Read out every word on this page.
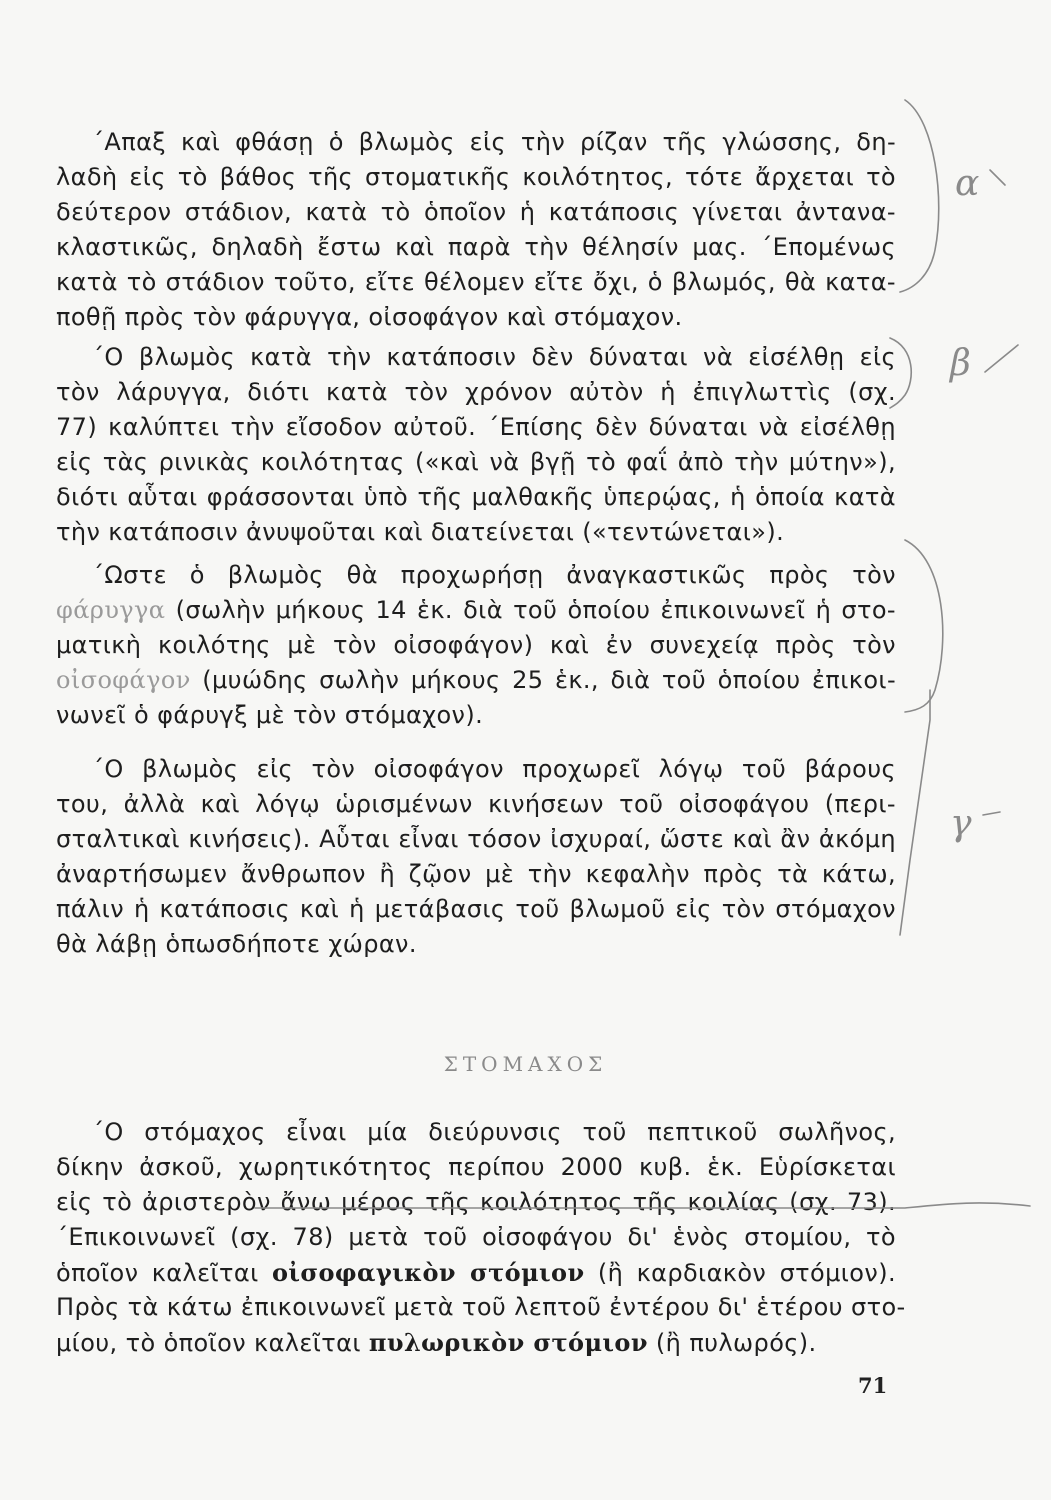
΄Απαξ καὶ φθάσῃ ὁ βλωμὸς εἰς τὴν ρίζαν τῆς γλώσσης, δη-
λαδὴ εἰς τὸ βάθος τῆς στοματικῆς κοιλότητος, τότε ἄρχεται τὸ
δεύτερον στάδιον, κατὰ τὸ ὁποῖον ἡ κατάποσις γίνεται ἀντανα-
κλαστικῶς, δηλαδὴ ἔστω καὶ παρὰ τὴν θέλησίν μας. ΄Επομένως
κατὰ τὸ στάδιον τοῦτο, εἴτε θέλομεν εἴτε ὄχι, ὁ βλωμός, θὰ κατα-
ποθῇ πρὸς τὸν φάρυγγα, οἰσοφάγον καὶ στόμαχον.
΄Ο βλωμὸς κατὰ τὴν κατάποσιν δὲν δύναται νὰ εἰσέλθῃ εἰς
τὸν λάρυγγα, διότι κατὰ τὸν χρόνον αὐτὸν ἡ ἐπιγλωττὶς (σχ.
77) καλύπτει τὴν εἴσοδον αὐτοῦ. ΄Επίσης δὲν δύναται νὰ εἰσέλθῃ
εἰς τὰς ρινικὰς κοιλότητας («καὶ νὰ βγῇ τὸ φαΐ ἀπὸ τὴν μύτην»),
διότι αὗται φράσσονται ὑπὸ τῆς μαλθακῆς ὑπερῴας, ἡ ὁποία κατὰ
τὴν κατάποσιν ἀνυψοῦται καὶ διατείνεται («τεντώνεται»).
΄Ωστε ὁ βλωμὸς θὰ προχωρήσῃ ἀναγκαστικῶς πρὸς τὸν
φάρυγγα (σωλὴν μήκους 14 ἑκ. διὰ τοῦ ὁποίου ἐπικοινωνεῖ ἡ στο-
ματικὴ κοιλότης μὲ τὸν οἰσοφάγον) καὶ ἐν συνεχείᾳ πρὸς τὸν
οἰσοφάγον (μυώδης σωλὴν μήκους 25 ἑκ., διὰ τοῦ ὁποίου ἐπικοι-
νωνεῖ ὁ φάρυγξ μὲ τὸν στόμαχον).
΄Ο βλωμὸς εἰς τὸν οἰσοφάγον προχωρεῖ λόγῳ τοῦ βάρους
του, ἀλλὰ καὶ λόγῳ ὡρισμένων κινήσεων τοῦ οἰσοφάγου (περι-
σταλτικαὶ κινήσεις). Αὗται εἶναι τόσον ἰσχυραί, ὥστε καὶ ἂν ἀκόμη
ἀναρτήσωμεν ἄνθρωπον ἢ ζῷον μὲ τὴν κεφαλὴν πρὸς τὰ κάτω,
πάλιν ἡ κατάποσις καὶ ἡ μετάβασις τοῦ βλωμοῦ εἰς τὸν στόμαχον
θὰ λάβῃ ὁπωσδήποτε χώραν.
ΣΤΟΜΑΧΟΣ
΄Ο στόμαχος εἶναι μία διεύρυνσις τοῦ πεπτικοῦ σωλῆνος,
δίκην ἀσκοῦ, χωρητικότητος περίπου 2000 κυβ. ἑκ. Εὑρίσκεται
εἰς τὸ ἀριστερὸν ἄνω μέρος τῆς κοιλότητος τῆς κοιλίας (σχ. 73).
΄Επικοινωνεῖ (σχ. 78) μετὰ τοῦ οἰσοφάγου δι' ἑνὸς στομίου, τὸ
ὁποῖον καλεῖται οἰσοφαγικὸν στόμιον (ἢ καρδιακὸν στόμιον).
Πρὸς τὰ κάτω ἐπικοινωνεῖ μετὰ τοῦ λεπτοῦ ἐντέρου δι' ἑτέρου στο-
μίου, τὸ ὁποῖον καλεῖται πυλωρικὸν στόμιον (ἢ πυλωρός).
71
α
β
γ
